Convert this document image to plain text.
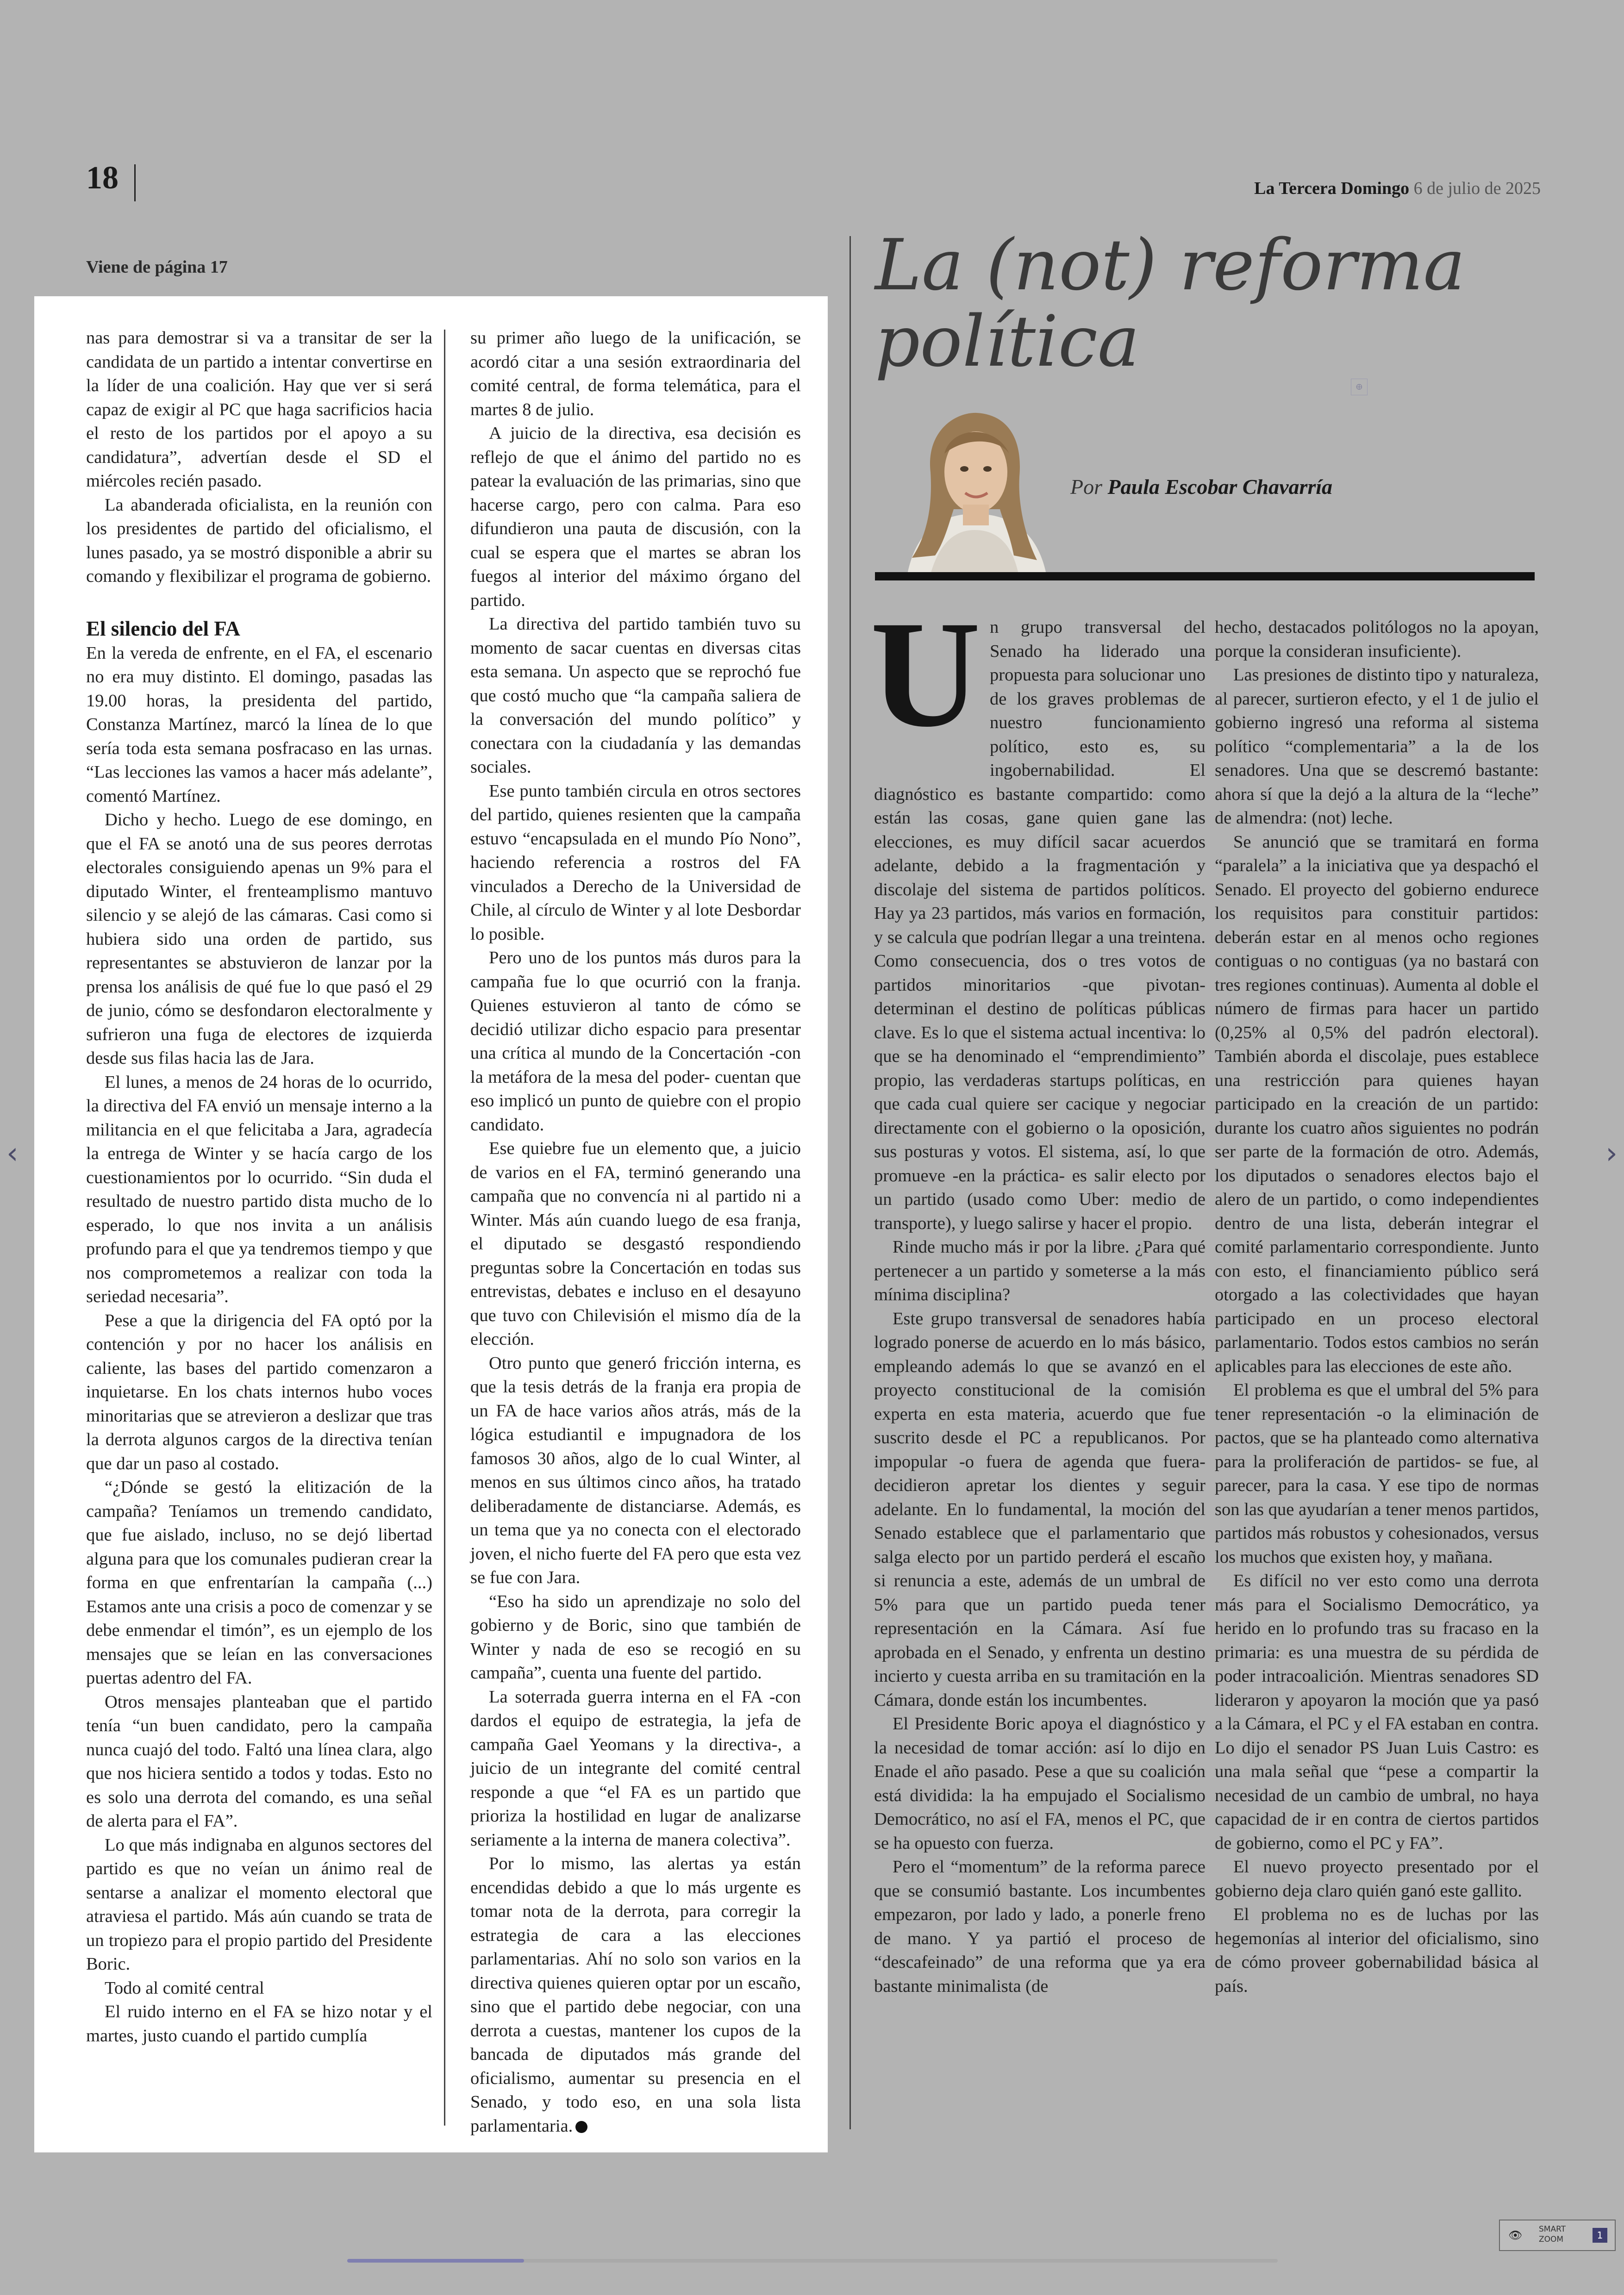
18	La Tercera Domingo 6 de julio de 2025
Viene de página 17

nas para demostrar si va a transitar de ser la candidata de un partido a intentar convertirse en la líder de una coalición. Hay que ver si será capaz de exigir al PC que haga sacrificios hacia el resto de los partidos por el apoyo a su candidatura”, advertían desde el SD el miércoles recién pasado.

La abanderada oficialista, en la reunión con los presidentes de partido del oficialismo, el lunes pasado, ya se mostró disponible a abrir su comando y flexibilizar el programa de gobierno.

El silencio del FA

En la vereda de enfrente, en el FA, el escenario no era muy distinto. El domingo, pasadas las 19.00 horas, la presidenta del partido, Constanza Martínez, marcó la línea de lo que sería toda esta semana posfracaso en las urnas. “Las lecciones las vamos a hacer más adelante”, comentó Martínez.

Dicho y hecho. Luego de ese domingo, en que el FA se anotó una de sus peores derrotas electorales consiguiendo apenas un 9% para el diputado Winter, el frenteamplismo mantuvo silencio y se alejó de las cámaras. Casi como si hubiera sido una orden de partido, sus representantes se abstuvieron de lanzar por la prensa los análisis de qué fue lo que pasó el 29 de junio, cómo se desfondaron electoralmente y sufrieron una fuga de electores de izquierda desde sus filas hacia las de Jara.

El lunes, a menos de 24 horas de lo ocurrido, la directiva del FA envió un mensaje interno a la militancia en el que felicitaba a Jara, agradecía la entrega de Winter y se hacía cargo de los cuestionamientos por lo ocurrido. “Sin duda el resultado de nuestro partido dista mucho de lo esperado, lo que nos invita a un análisis profundo para el que ya tendremos tiempo y que nos comprometemos a realizar con toda la seriedad necesaria”.

Pese a que la dirigencia del FA optó por la contención y por no hacer los análisis en caliente, las bases del partido comenzaron a inquietarse. En los chats internos hubo voces minoritarias que se atrevieron a deslizar que tras la derrota algunos cargos de la directiva tenían que dar un paso al costado.

“¿Dónde se gestó la elitización de la campaña? Teníamos un tremendo candidato, que fue aislado, incluso, no se dejó libertad alguna para que los comunales pudieran crear la forma en que enfrentarían la campaña (...) Estamos ante una crisis a poco de comenzar y se debe enmendar el timón”, es un ejemplo de los mensajes que se leían en las conversaciones puertas adentro del FA.

Otros mensajes planteaban que el partido tenía “un buen candidato, pero la campaña nunca cuajó del todo. Faltó una línea clara, algo que nos hiciera sentido a todos y todas. Esto no es solo una derrota del comando, es una señal de alerta para el FA”.

Lo que más indignaba en algunos sectores del partido es que no veían un ánimo real de sentarse a analizar el momento electoral que atraviesa el partido. Más aún cuando se trata de un tropiezo para el propio partido del Presidente Boric.

Todo al comité central

El ruido interno en el FA se hizo notar y el martes, justo cuando el partido cumplía

su primer año luego de la unificación, se acordó citar a una sesión extraordinaria del comité central, de forma telemática, para el martes 8 de julio.

A juicio de la directiva, esa decisión es reflejo de que el ánimo del partido no es patear la evaluación de las primarias, sino que hacerse cargo, pero con calma. Para eso difundieron una pauta de discusión, con la cual se espera que el martes se abran los fuegos al interior del máximo órgano del partido.

La directiva del partido también tuvo su momento de sacar cuentas en diversas citas esta semana. Un aspecto que se reprochó fue que costó mucho que “la campaña saliera de la conversación del mundo político” y conectara con la ciudadanía y las demandas sociales.

Ese punto también circula en otros sectores del partido, quienes resienten que la campaña estuvo “encapsulada en el mundo Pío Nono”, haciendo referencia a rostros del FA vinculados a Derecho de la Universidad de Chile, al círculo de Winter y al lote Desbordar lo posible.

Pero uno de los puntos más duros para la campaña fue lo que ocurrió con la franja. Quienes estuvieron al tanto de cómo se decidió utilizar dicho espacio para presentar una crítica al mundo de la Concertación -con la metáfora de la mesa del poder- cuentan que eso implicó un punto de quiebre con el propio candidato.

Ese quiebre fue un elemento que, a juicio de varios en el FA, terminó generando una campaña que no convencía ni al partido ni a Winter. Más aún cuando luego de esa franja, el diputado se desgastó respondiendo preguntas sobre la Concertación en todas sus entrevistas, debates e incluso en el desayuno que tuvo con Chilevisión el mismo día de la elección.

Otro punto que generó fricción interna, es que la tesis detrás de la franja era propia de un FA de hace varios años atrás, más de la lógica estudiantil e impugnadora de los famosos 30 años, algo de lo cual Winter, al menos en sus últimos cinco años, ha tratado deliberadamente de distanciarse. Además, es un tema que ya no conecta con el electorado joven, el nicho fuerte del FA pero que esta vez se fue con Jara.

“Eso ha sido un aprendizaje no solo del gobierno y de Boric, sino que también de Winter y nada de eso se recogió en su campaña”, cuenta una fuente del partido.

La soterrada guerra interna en el FA -con dardos el equipo de estrategia, la jefa de campaña Gael Yeomans y la directiva-, a juicio de un integrante del comité central responde a que “el FA es un partido que prioriza la hostilidad en lugar de analizarse seriamente a la interna de manera colectiva”.

Por lo mismo, las alertas ya están encendidas debido a que lo más urgente es tomar nota de la derrota, para corregir la estrategia de cara a las elecciones parlamentarias. Ahí no solo son varios en la directiva quienes quieren optar por un escaño, sino que el partido debe negociar, con una derrota a cuestas, mantener los cupos de la bancada de diputados más grande del oficialismo, aumentar su presencia en el Senado, y todo eso, en una sola lista parlamentaria.

La (not) reforma política
⊕
Por Paula Escobar Chavarría
U n grupo transversal del Senado ha liderado una propuesta para solucionar uno de los graves problemas de nuestro funcionamiento político, esto es, su ingobernabilidad. El diagnóstico es bastante compartido: como están las cosas, gane quien gane las elecciones, es muy difícil sacar acuerdos adelante, debido a la fragmentación y discolaje del sistema de partidos políticos. Hay ya 23 partidos, más varios en formación, y se calcula que podrían llegar a una treintena. Como consecuencia, dos o tres votos de partidos minoritarios -que pivotan- determinan el destino de políticas públicas clave. Es lo que el sistema actual incentiva: lo que se ha denominado el “emprendimiento” propio, las verdaderas startups políticas, en que cada cual quiere ser cacique y negociar directamente con el gobierno o la oposición, sus posturas y votos. El sistema, así, lo que promueve -en la práctica- es salir electo por un partido (usado como Uber: medio de transporte), y luego salirse y hacer el propio.

Rinde mucho más ir por la libre. ¿Para qué pertenecer a un partido y someterse a la más mínima disciplina?

Este grupo transversal de senadores había logrado ponerse de acuerdo en lo más básico, empleando además lo que se avanzó en el proyecto constitucional de la comisión experta en esta materia, acuerdo que fue suscrito desde el PC a republicanos. Por impopular -o fuera de agenda que fuera- decidieron apretar los dientes y seguir adelante. En lo fundamental, la moción del Senado establece que el parlamentario que salga electo por un partido perderá el escaño si renuncia a este, además de un umbral de 5% para que un partido pueda tener representación en la Cámara. Así fue aprobada en el Senado, y enfrenta un destino incierto y cuesta arriba en su tramitación en la Cámara, donde están los incumbentes.

El Presidente Boric apoya el diagnóstico y la necesidad de tomar acción: así lo dijo en Enade el año pasado. Pese a que su coalición está dividida: la ha empujado el Socialismo Democrático, no así el FA, menos el PC, que se ha opuesto con fuerza.

Pero el “momentum” de la reforma parece que se consumió bastante. Los incumbentes empezaron, por lado y lado, a ponerle freno de mano. Y ya partió el proceso de “descafeinado” de una reforma que ya era bastante minimalista (de

hecho, destacados politólogos no la apoyan, porque la consideran insuficiente).

Las presiones de distinto tipo y naturaleza, al parecer, surtieron efecto, y el 1 de julio el gobierno ingresó una reforma al sistema político “complementaria” a la de los senadores. Una que se descremó bastante: ahora sí que la dejó a la altura de la “leche” de almendra: (not) leche.

Se anunció que se tramitará en forma “paralela” a la iniciativa que ya despachó el Senado. El proyecto del gobierno endurece los requisitos para constituir partidos: deberán estar en al menos ocho regiones contiguas o no contiguas (ya no bastará con tres regiones continuas). Aumenta al doble el número de firmas para hacer un partido (0,25% al 0,5% del padrón electoral). También aborda el discolaje, pues establece una restricción para quienes hayan participado en la creación de un partido: durante los cuatro años siguientes no podrán ser parte de la formación de otro. Además, los diputados o senadores electos bajo el alero de un partido, o como independientes dentro de una lista, deberán integrar el comité parlamentario correspondiente. Junto con esto, el financiamiento público será otorgado a las colectividades que hayan participado en un proceso electoral parlamentario. Todos estos cambios no serán aplicables para las elecciones de este año.

El problema es que el umbral del 5% para tener representación -o la eliminación de pactos, que se ha planteado como alternativa para la proliferación de partidos- se fue, al parecer, para la casa. Y ese tipo de normas son las que ayudarían a tener menos partidos, partidos más robustos y cohesionados, versus los muchos que existen hoy, y mañana.

Es difícil no ver esto como una derrota más para el Socialismo Democrático, ya herido en lo profundo tras su fracaso en la primaria: es una muestra de su pérdida de poder intracoalición. Mientras senadores SD lideraron y apoyaron la moción que ya pasó a la Cámara, el PC y el FA estaban en contra. Lo dijo el senador PS Juan Luis Castro: es una mala señal que “pese a compartir la necesidad de un cambio de umbral, no haya capacidad de ir en contra de ciertos partidos de gobierno, como el PC y FA”.

El nuevo proyecto presentado por el gobierno deja claro quién ganó este gallito.

El problema no es de luchas por las hegemonías al interior del oficialismo, sino de cómo proveer gobernabilidad básica al país.

‹	›
👁 SMART
ZOOM	1
